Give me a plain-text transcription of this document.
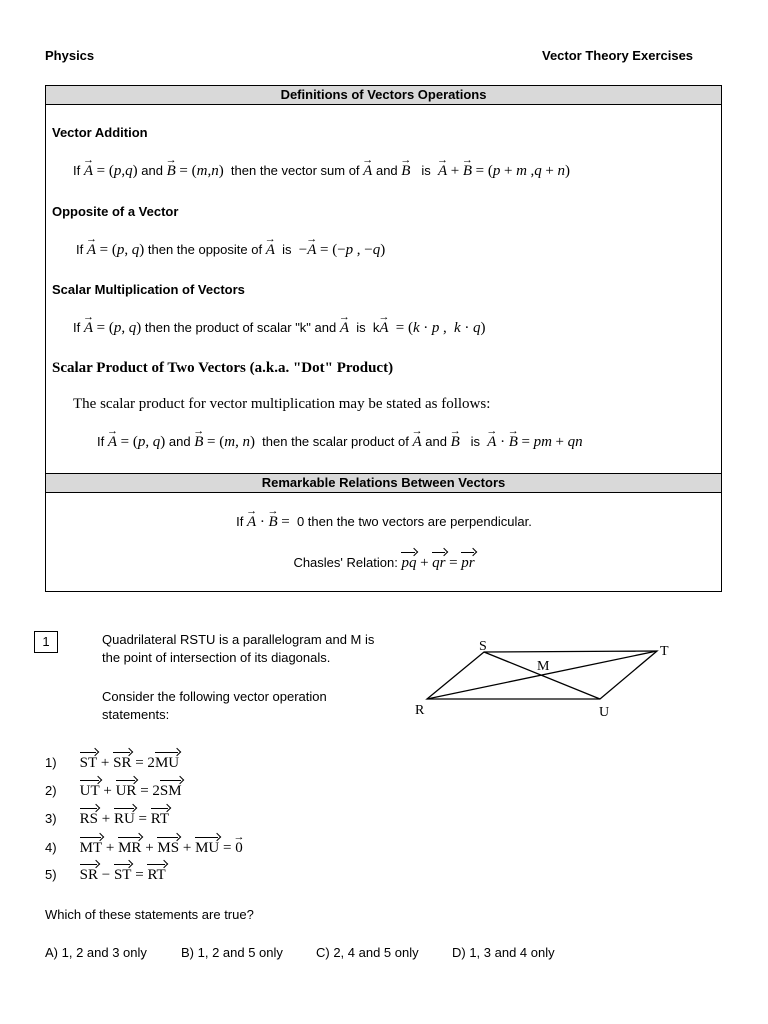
Physics	Vector Theory Exercises
Definitions of Vectors Operations
Vector Addition
If → A = (p,q) and → B = (m,n) then the vector sum of → A and → B is → A + → B = (p + m ,q + n)
Opposite of a Vector
If → A = (p, q) then the opposite of → A is −→ A = (−p , −q)
Scalar Multiplication of Vectors
If → A = (p, q) then the product of scalar "k" and → A is k→ A = (k · p , k · q)
Scalar Product of Two Vectors (a.k.a. "Dot" Product)
The scalar product for vector multiplication may be stated as follows:
If → A = (p, q) and → B = (m, n) then the scalar product of → A and → B is → A · → B = pm + qn
Remarkable Relations Between Vectors
If → A · → B =  0 then the two vectors are perpendicular.
Chasles' Relation: pq + qr = pr
1	Quadrilateral RSTU is a parallelogram and M is the point of intersection of its diagonals.
Consider the following vector operation statements:
S	T
M
R	U
1) ST + SR = 2MU
2) UT + UR = 2SM
3) RS + RU = RT
4) MT + MR + MS + MU = → 0
5) SR − ST = RT
Which of these statements are true?
A) 1, 2 and 3 only	B) 1, 2 and 5 only	C) 2, 4 and 5 only	D) 1, 3 and 4 only
